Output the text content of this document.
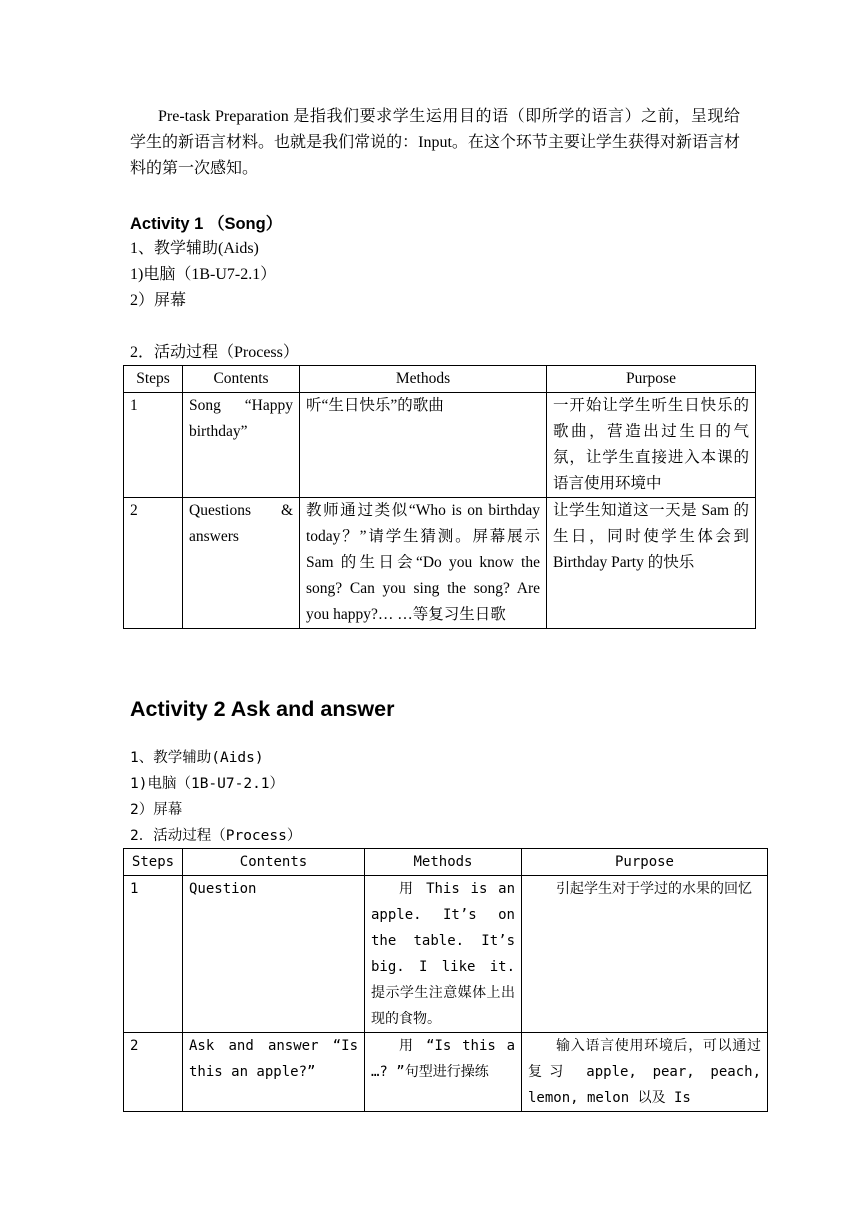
Pre-task Preparation 是指我们要求学生运用目的语（即所学的语言）之前，呈现给学生的新语言材料。也就是我们常说的：Input。在这个环节主要让学生获得对新语言材料的第一次感知。

Activity 1 （Song）

1、教学辅助(Aids)

1)电脑（1B-U7-2.1）

2）屏幕

2．活动过程（Process）

Steps	Contents	Methods	Purpose
1	Song “Happy birthday”	听“生日快乐”的歌曲	一开始让学生听生日快乐的歌曲，营造出过生日的气氛，让学生直接进入本课的语言使用环境中
2	Questions & answers	教师通过类似“Who is on birthday today？”请学生猜测。屏幕展示 Sam 的生日会“Do you know the song? Can you sing the song? Are you happy?… …等复习生日歌	让学生知道这一天是 Sam 的生日，同时使学生体会到 Birthday Party 的快乐
Activity 2 Ask and answer

1、教学辅助(Aids)

1)电脑（1B-U7-2.1）

2）屏幕

2．活动过程（Process）

Steps	Contents	Methods	Purpose
1	Question	用 This is an apple. It’s on the table. It’s big. I like it. 提示学生注意媒体上出现的食物。	引起学生对于学过的水果的回忆
2	Ask and answer “Is this an apple?”	用 “Is this a …? ”句型进行操练	输入语言使用环境后，可以通过复习 apple, pear, peach, lemon, melon 以及 Is
